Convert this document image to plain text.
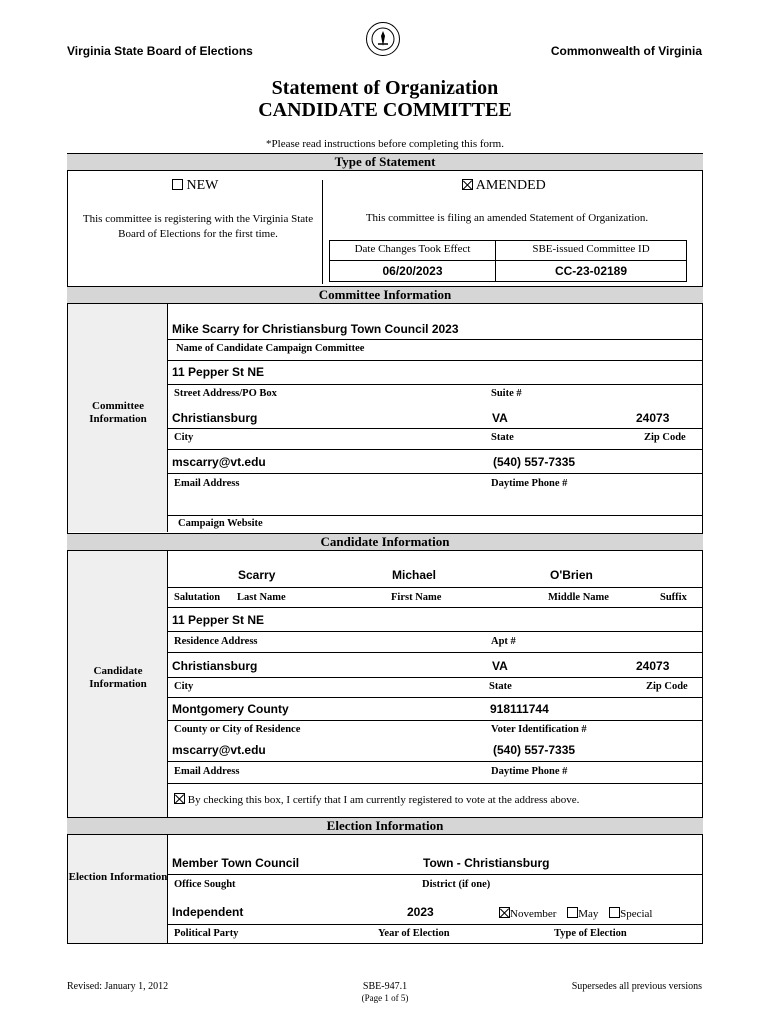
Virginia State Board of Elections	Commonwealth of Virginia
Statement of Organization
CANDIDATE COMMITTEE
*Please read instructions before completing this form.
Type of Statement
NEW
This committee is registering with the Virginia State Board of Elections for the first time.
AMENDED
This committee is filing an amended Statement of Organization.
Date Changes Took Effect	SBE-issued Committee ID
06/20/2023	CC-23-02189
Committee Information
Committee Information
Mike Scarry for Christiansburg Town Council 2023
Name of Candidate Campaign Committee
11 Pepper St NE
Street Address/PO Box	Suite #
Christiansburg	VA	24073
City	State	Zip Code
mscarry@vt.edu	(540) 557-7335
Email Address	Daytime Phone #
Campaign Website
Candidate Information
Candidate Information
Scarry	Michael	O'Brien
Salutation Last Name	First Name	Middle Name	Suffix
11 Pepper St NE
Residence Address	Apt #
Christiansburg	VA	24073
City	State	Zip Code
Montgomery County	918111744
County or City of Residence	Voter Identification #
mscarry@vt.edu	(540) 557-7335
Email Address	Daytime Phone #
By checking this box, I certify that I am currently registered to vote at the address above.
Election Information
Election Information
Member Town Council	Town - Christiansburg
Office Sought	District (if one)
Independent	2023	November May Special
Political Party	Year of Election	Type of Election
Revised: January 1, 2012	SBE-947.1
(Page 1 of 5)
Supersedes all previous versions
